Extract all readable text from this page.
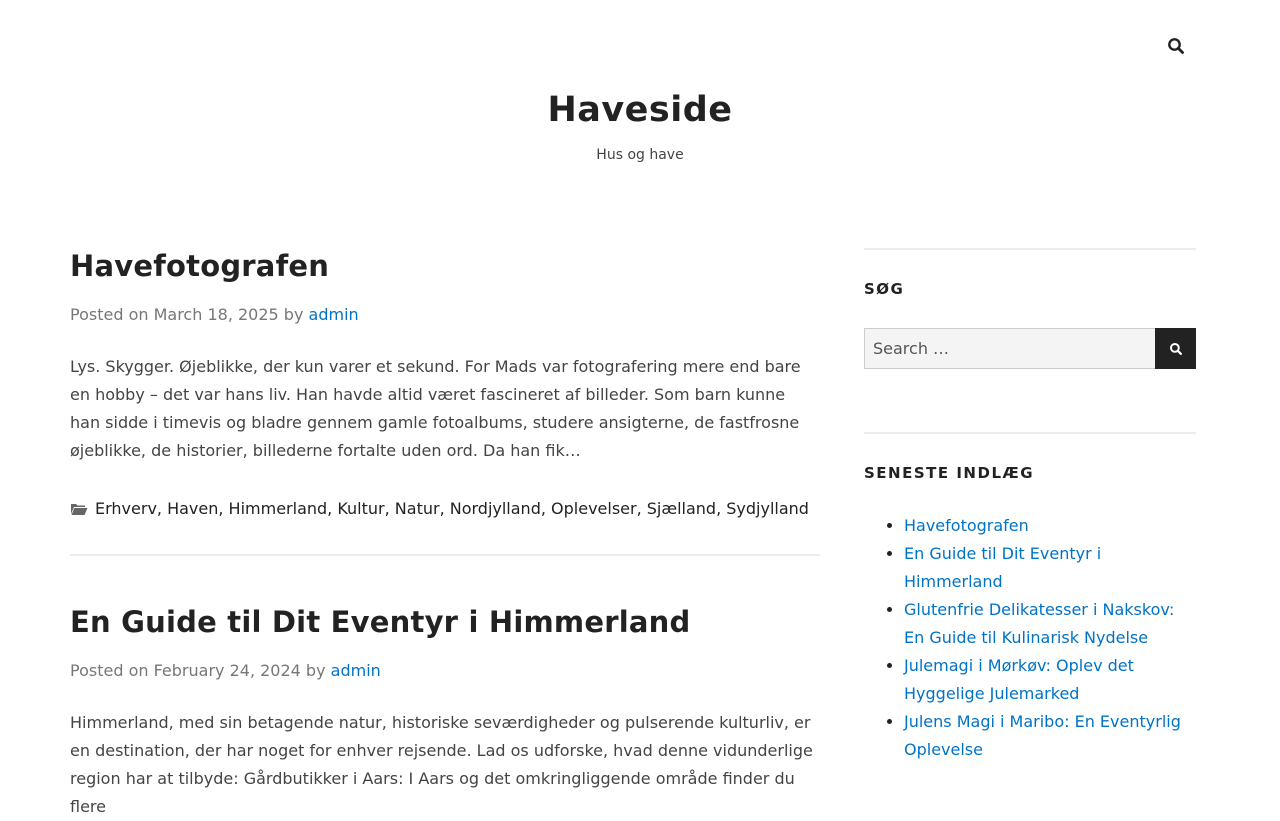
Haveside
Hus og have
Havefotografen
Posted on March 18, 2025 by admin

Lys. Skygger. Øjeblikke, der kun varer et sekund. For Mads var fotografering mere end bare en hobby – det var hans liv. Han havde altid været fascineret af billeder. Som barn kunne han sidde i timevis og bladre gennem gamle fotoalbums, studere ansigterne, de fastfrosne øjeblikke, de historier, billederne fortalte uden ord. Da han fik…

Erhverv, Haven, Himmerland, Kultur, Natur, Nordjylland, Oplevelser, Sjælland, Sydjylland
En Guide til Dit Eventyr i Himmerland
Posted on February 24, 2024 by admin

Himmerland, med sin betagende natur, historiske seværdigheder og pulserende kulturliv, er en destination, der har noget for enhver rejsende. Lad os udforske, hvad denne vidunderlige region har at tilbyde: Gårdbutikker i Aars: I Aars og det omkringliggende område finder du flere

SØG
Search …
SENESTE INDLÆG
• Havefotografen
• En Guide til Dit Eventyr i Himmerland
• Glutenfrie Delikatesser i Nakskov: En Guide til Kulinarisk Nydelse
• Julemagi i Mørkøv: Oplev det Hyggelige Julemarked
• Julens Magi i Maribo: En Eventyrlig Oplevelse
